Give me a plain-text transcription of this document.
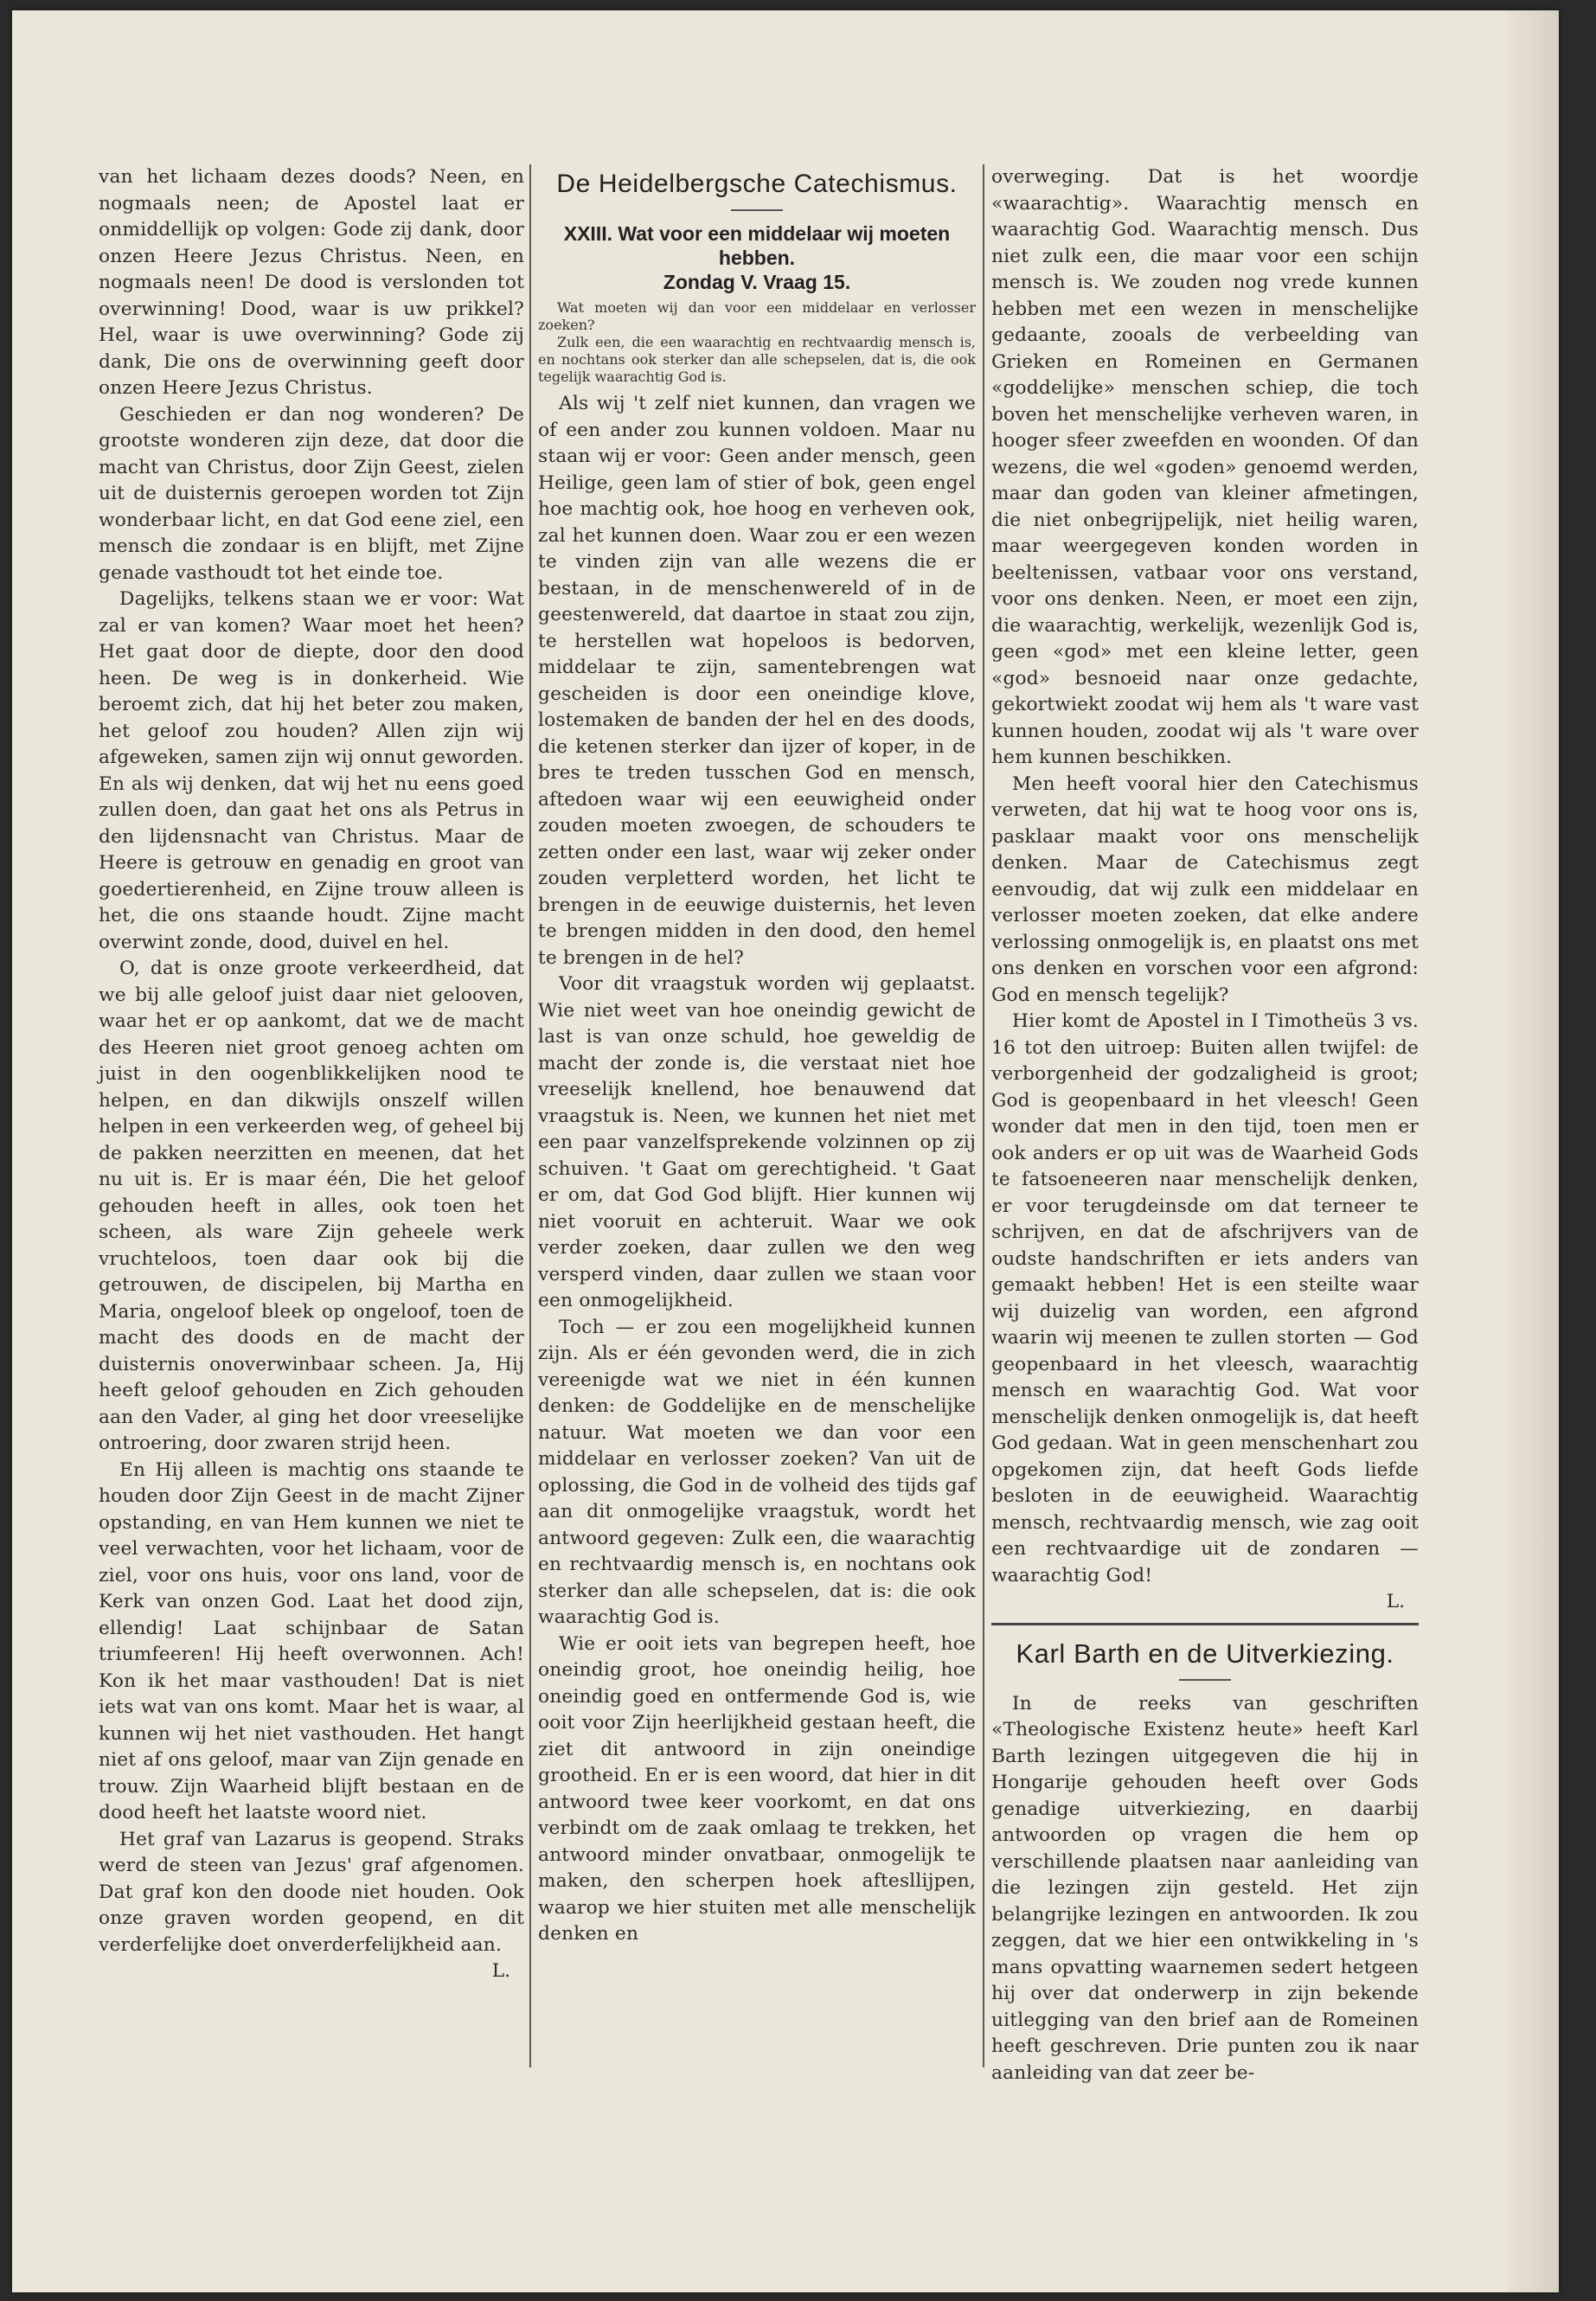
van het lichaam dezes doods? Neen, en nogmaals neen; de Apostel laat er onmiddellijk op volgen: Gode zij dank, door onzen Heere Jezus Christus. Neen, en nogmaals neen! De dood is verslonden tot overwinning! Dood, waar is uw prikkel? Hel, waar is uwe overwinning? Gode zij dank, Die ons de overwinning geeft door onzen Heere Jezus Christus.

Geschieden er dan nog wonderen? De grootste wonderen zijn deze, dat door die macht van Christus, door Zijn Geest, zielen uit de duisternis geroepen worden tot Zijn wonderbaar licht, en dat God eene ziel, een mensch die zondaar is en blijft, met Zijne genade vasthoudt tot het einde toe.

Dagelijks, telkens staan we er voor: Wat zal er van komen? Waar moet het heen? Het gaat door de diepte, door den dood heen. De weg is in donkerheid. Wie beroemt zich, dat hij het beter zou maken, het geloof zou houden? Allen zijn wij afgeweken, samen zijn wij onnut geworden. En als wij denken, dat wij het nu eens goed zullen doen, dan gaat het ons als Petrus in den lijdensnacht van Christus. Maar de Heere is getrouw en genadig en groot van goedertierenheid, en Zijne trouw alleen is het, die ons staande houdt. Zijne macht overwint zonde, dood, duivel en hel.

O, dat is onze groote verkeerdheid, dat we bij alle geloof juist daar niet gelooven, waar het er op aankomt, dat we de macht des Heeren niet groot genoeg achten om juist in den oogenblikkelijken nood te helpen, en dan dikwijls onszelf willen helpen in een verkeerden weg, of geheel bij de pakken neerzitten en meenen, dat het nu uit is. Er is maar één, Die het geloof gehouden heeft in alles, ook toen het scheen, als ware Zijn geheele werk vruchteloos, toen daar ook bij die getrouwen, de discipelen, bij Martha en Maria, ongeloof bleek op ongeloof, toen de macht des doods en de macht der duisternis onoverwinbaar scheen. Ja, Hij heeft geloof gehouden en Zich gehouden aan den Vader, al ging het door vreeselijke ontroering, door zwaren strijd heen.

En Hij alleen is machtig ons staande te houden door Zijn Geest in de macht Zijner opstanding, en van Hem kunnen we niet te veel verwachten, voor het lichaam, voor de ziel, voor ons huis, voor ons land, voor de Kerk van onzen God. Laat het dood zijn, ellendig! Laat schijnbaar de Satan triumfeeren! Hij heeft overwonnen. Ach! Kon ik het maar vasthouden! Dat is niet iets wat van ons komt. Maar het is waar, al kunnen wij het niet vasthouden. Het hangt niet af ons geloof, maar van Zijn genade en trouw. Zijn Waarheid blijft bestaan en de dood heeft het laatste woord niet.

Het graf van Lazarus is geopend. Straks werd de steen van Jezus' graf afgenomen. Dat graf kon den doode niet houden. Ook onze graven worden geopend, en dit verderfelijke doet onverderfelijkheid aan.

L.

De Heidelbergsche Catechismus.
XXIII. Wat voor een middelaar wij moeten hebben.
Zondag V. Vraag 15.
Wat moeten wij dan voor een middelaar en verlosser zoeken?
Zulk een, die een waarachtig en rechtvaardig mensch is, en nochtans ook sterker dan alle schepselen, dat is, die ook tegelijk waarachtig God is.

Als wij 't zelf niet kunnen, dan vragen we of een ander zou kunnen voldoen. Maar nu staan wij er voor: Geen ander mensch, geen Heilige, geen lam of stier of bok, geen engel hoe machtig ook, hoe hoog en verheven ook, zal het kunnen doen. Waar zou er een wezen te vinden zijn van alle wezens die er bestaan, in de menschenwereld of in de geestenwereld, dat daartoe in staat zou zijn, te herstellen wat hopeloos is bedorven, middelaar te zijn, samentebrengen wat gescheiden is door een oneindige klove, lostemaken de banden der hel en des doods, die ketenen sterker dan ijzer of koper, in de bres te treden tusschen God en mensch, aftedoen waar wij een eeuwigheid onder zouden moeten zwoegen, de schouders te zetten onder een last, waar wij zeker onder zouden verpletterd worden, het licht te brengen in de eeuwige duisternis, het leven te brengen midden in den dood, den hemel te brengen in de hel?

Voor dit vraagstuk worden wij geplaatst. Wie niet weet van hoe oneindig gewicht de last is van onze schuld, hoe geweldig de macht der zonde is, die verstaat niet hoe vreeselijk knellend, hoe benauwend dat vraagstuk is. Neen, we kunnen het niet met een paar vanzelfsprekende volzinnen op zij schuiven. 't Gaat om gerechtigheid. 't Gaat er om, dat God God blijft. Hier kunnen wij niet vooruit en achteruit. Waar we ook verder zoeken, daar zullen we den weg versperd vinden, daar zullen we staan voor een onmogelijkheid.

Toch — er zou een mogelijkheid kunnen zijn. Als er één gevonden werd, die in zich vereenigde wat we niet in één kunnen denken: de Goddelijke en de menschelijke natuur. Wat moeten we dan voor een middelaar en verlosser zoeken? Van uit de oplossing, die God in de volheid des tijds gaf aan dit onmogelijke vraagstuk, wordt het antwoord gegeven: Zulk een, die waarachtig en rechtvaardig mensch is, en nochtans ook sterker dan alle schepselen, dat is: die ook waarachtig God is.

Wie er ooit iets van begrepen heeft, hoe oneindig groot, hoe oneindig heilig, hoe oneindig goed en ontfermende God is, wie ooit voor Zijn heerlijkheid gestaan heeft, die ziet dit antwoord in zijn oneindige grootheid. En er is een woord, dat hier in dit antwoord twee keer voorkomt, en dat ons verbindt om de zaak omlaag te trekken, het antwoord minder onvatbaar, onmogelijk te maken, den scherpen hoek aftesllijpen, waarop we hier stuiten met alle menschelijk denken en

overweging. Dat is het woordje «waarachtig». Waarachtig mensch en waarachtig God. Waarachtig mensch. Dus niet zulk een, die maar voor een schijn mensch is. We zouden nog vrede kunnen hebben met een wezen in menschelijke gedaante, zooals de verbeelding van Grieken en Romeinen en Germanen «goddelijke» menschen schiep, die toch boven het menschelijke verheven waren, in hooger sfeer zweefden en woonden. Of dan wezens, die wel «goden» genoemd werden, maar dan goden van kleiner afmetingen, die niet onbegrijpelijk, niet heilig waren, maar weergegeven konden worden in beeltenissen, vatbaar voor ons verstand, voor ons denken. Neen, er moet een zijn, die waarachtig, werkelijk, wezenlijk God is, geen «god» met een kleine letter, geen «god» besnoeid naar onze gedachte, gekortwiekt zoodat wij hem als 't ware vast kunnen houden, zoodat wij als 't ware over hem kunnen beschikken.

Men heeft vooral hier den Catechismus verweten, dat hij wat te hoog voor ons is, pasklaar maakt voor ons menschelijk denken. Maar de Catechismus zegt eenvoudig, dat wij zulk een middelaar en verlosser moeten zoeken, dat elke andere verlossing onmogelijk is, en plaatst ons met ons denken en vorschen voor een afgrond: God en mensch tegelijk?

Hier komt de Apostel in I Timotheüs 3 vs. 16 tot den uitroep: Buiten allen twijfel: de verborgenheid der godzaligheid is groot; God is geopenbaard in het vleesch! Geen wonder dat men in den tijd, toen men er ook anders er op uit was de Waarheid Gods te fatsoeneeren naar menschelijk denken, er voor terugdeinsde om dat terneer te schrijven, en dat de afschrijvers van de oudste handschriften er iets anders van gemaakt hebben! Het is een steilte waar wij duizelig van worden, een afgrond waarin wij meenen te zullen storten — God geopenbaard in het vleesch, waarachtig mensch en waarachtig God. Wat voor menschelijk denken onmogelijk is, dat heeft God gedaan. Wat in geen menschenhart zou opgekomen zijn, dat heeft Gods liefde besloten in de eeuwigheid. Waarachtig mensch, rechtvaardig mensch, wie zag ooit een rechtvaardige uit de zondaren — waarachtig God!

L.

Karl Barth en de Uitverkiezing.

In de reeks van geschriften «Theologische Existenz heute» heeft Karl Barth lezingen uitgegeven die hij in Hongarije gehouden heeft over Gods genadige uitverkiezing, en daarbij antwoorden op vragen die hem op verschillende plaatsen naar aanleiding van die lezingen zijn gesteld. Het zijn belangrijke lezingen en antwoorden. Ik zou zeggen, dat we hier een ontwikkeling in 's mans opvatting waarnemen sedert hetgeen hij over dat onderwerp in zijn bekende uitlegging van den brief aan de Romeinen heeft geschreven. Drie punten zou ik naar aanleiding van dat zeer be-
